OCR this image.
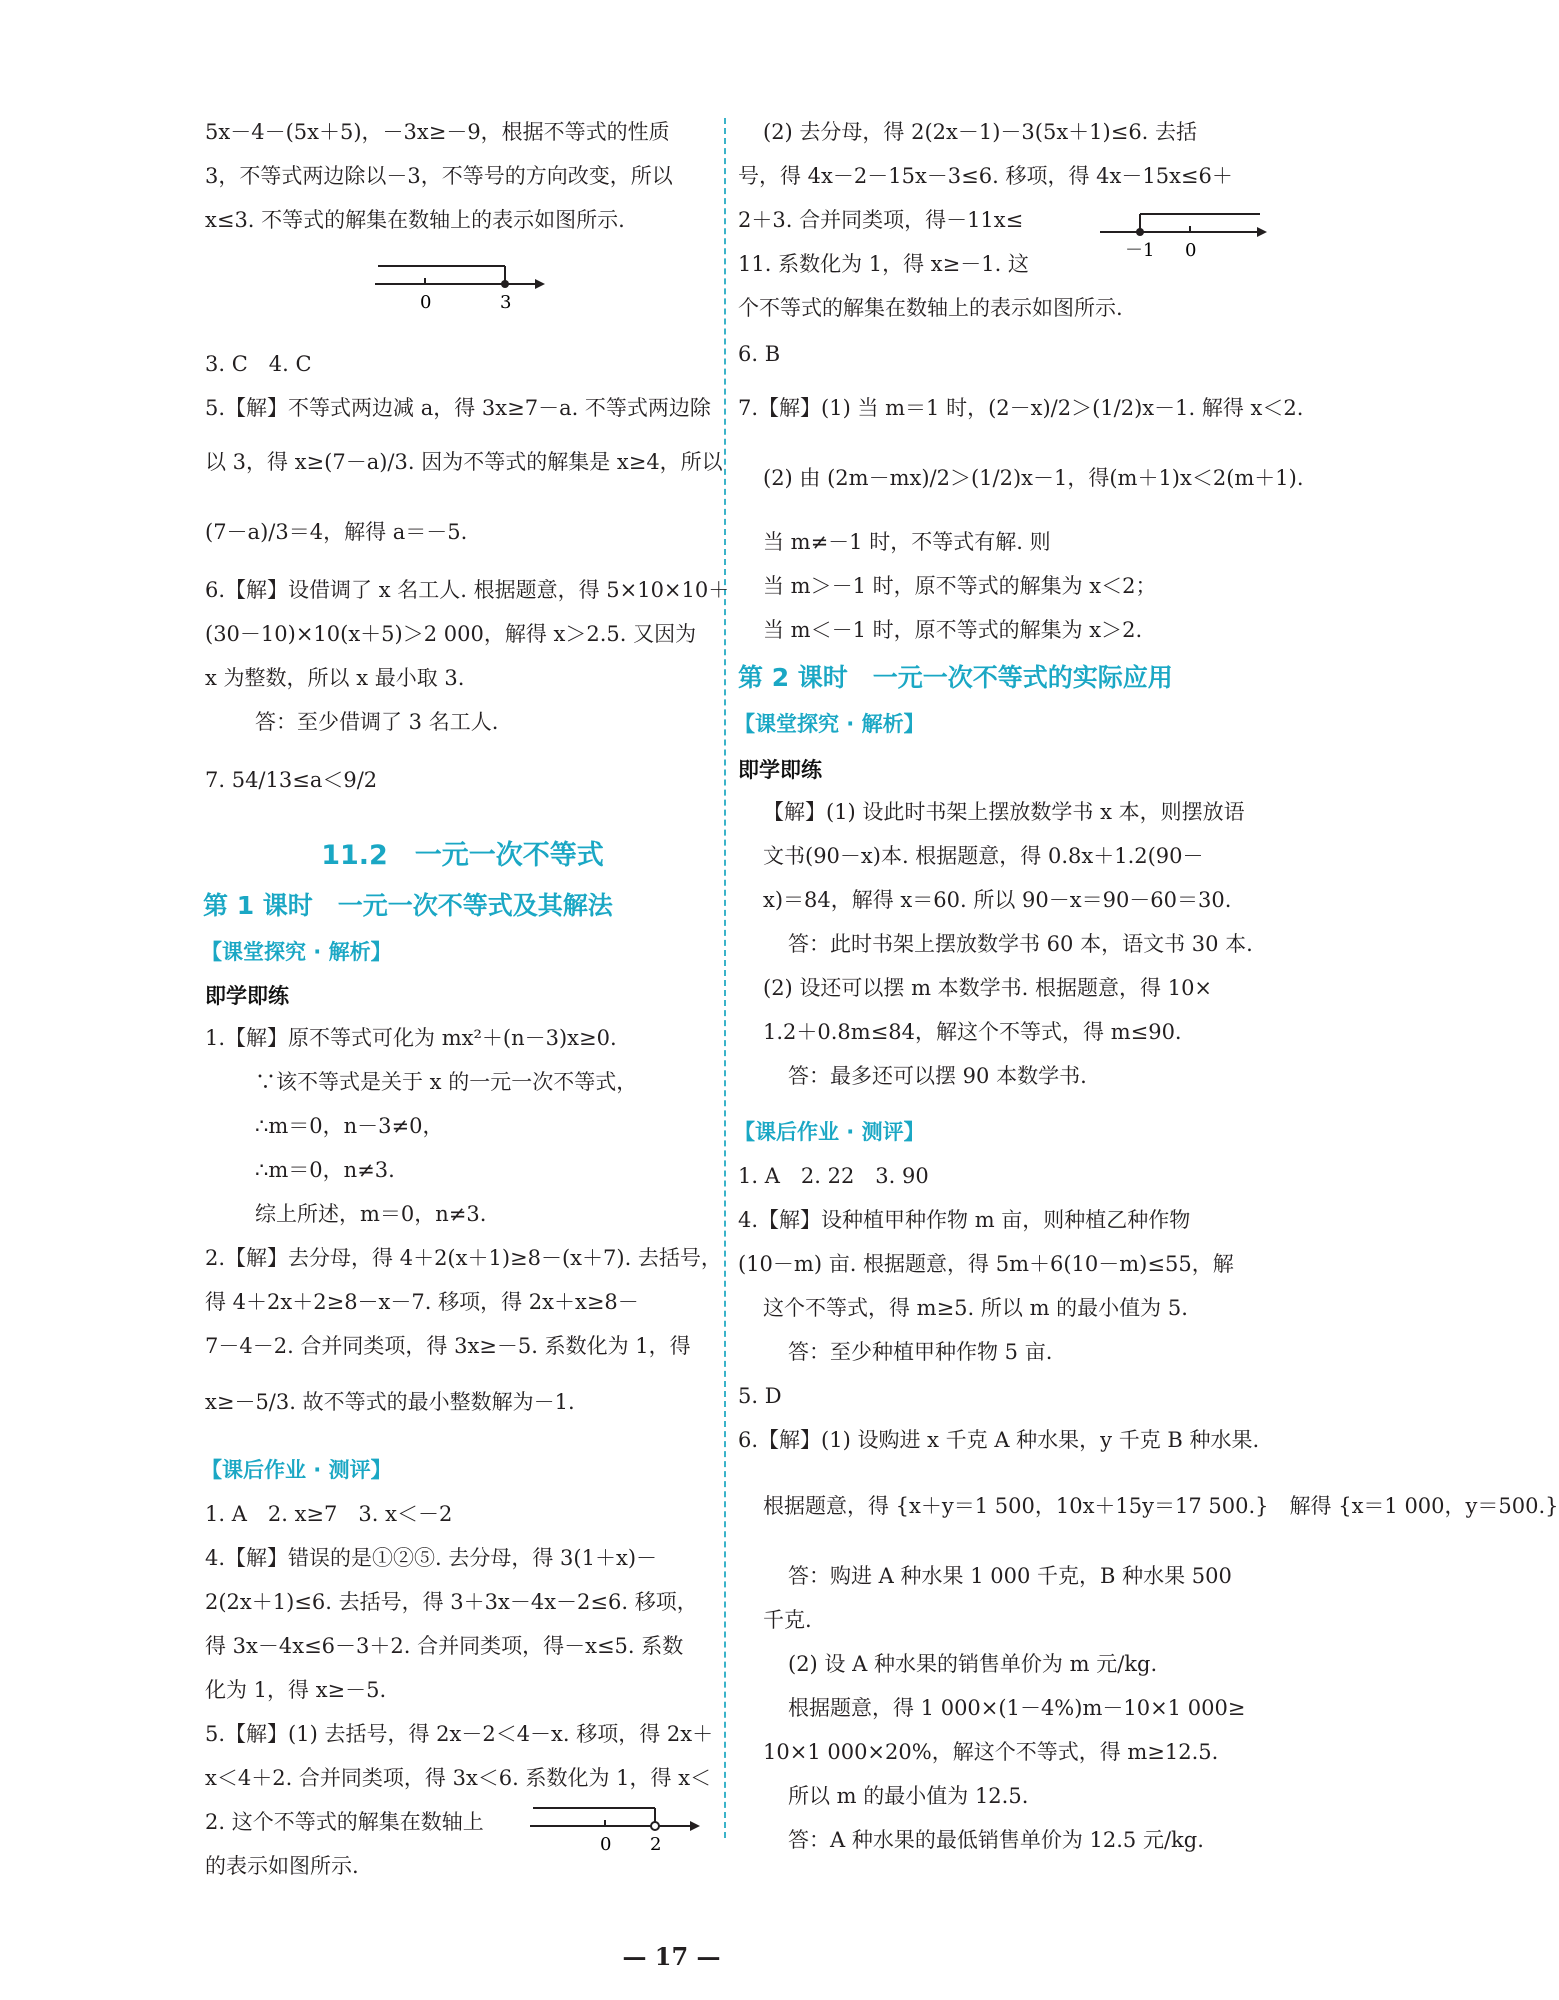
5x－4－(5x＋5)，－3x≥－9，根据不等式的性质
3，不等式两边除以－3，不等号的方向改变，所以
x≤3. 不等式的解集在数轴上的表示如图所示.
0	3
3. C　4. C
5.【解】不等式两边减 a，得 3x≥7－a. 不等式两边除
以 3，得 x≥(7－a)/3. 因为不等式的解集是 x≥4，所以
(7－a)/3＝4，解得 a＝－5.
6.【解】设借调了 x 名工人. 根据题意，得 5×10×10＋
(30－10)×10(x＋5)＞2 000，解得 x＞2.5. 又因为
x 为整数，所以 x 最小取 3.
答：至少借调了 3 名工人.
7. 54/13≤a＜9/2
11.2　一元一次不等式
第 1 课时　一元一次不等式及其解法
【课堂探究 · 解析】
即学即练
1.【解】原不等式可化为 mx²＋(n－3)x≥0.
∵该不等式是关于 x 的一元一次不等式，
∴m＝0，n－3≠0，
∴m＝0，n≠3.
综上所述，m＝0，n≠3.
2.【解】去分母，得 4＋2(x＋1)≥8－(x＋7). 去括号，
得 4＋2x＋2≥8－x－7. 移项，得 2x＋x≥8－
7－4－2. 合并同类项，得 3x≥－5. 系数化为 1，得
x≥－5/3. 故不等式的最小整数解为－1.
【课后作业 · 测评】
1. A　2. x≥7　3. x＜－2
4.【解】错误的是①②⑤. 去分母，得 3(1＋x)－
2(2x＋1)≤6. 去括号，得 3＋3x－4x－2≤6. 移项，
得 3x－4x≤6－3＋2. 合并同类项，得－x≤5. 系数
化为 1，得 x≥－5.
5.【解】(1) 去括号，得 2x－2＜4－x. 移项，得 2x＋
x＜4＋2. 合并同类项，得 3x＜6. 系数化为 1，得 x＜
2. 这个不等式的解集在数轴上
的表示如图所示.
0 2
(2) 去分母，得 2(2x－1)－3(5x＋1)≤6. 去括
号，得 4x－2－15x－3≤6. 移项，得 4x－15x≤6＋
2＋3. 合并同类项，得－11x≤
11. 系数化为 1，得 x≥－1. 这
个不等式的解集在数轴上的表示如图所示.
－1 0
6. B
7.【解】(1) 当 m＝1 时，(2－x)/2＞(1/2)x－1. 解得 x＜2.
(2) 由 (2m－mx)/2＞(1/2)x－1，得(m＋1)x＜2(m＋1).
当 m≠－1 时，不等式有解. 则
当 m＞－1 时，原不等式的解集为 x＜2；
当 m＜－1 时，原不等式的解集为 x＞2.
第 2 课时　一元一次不等式的实际应用
【课堂探究 · 解析】
即学即练
【解】(1) 设此时书架上摆放数学书 x 本，则摆放语
文书(90－x)本. 根据题意，得 0.8x＋1.2(90－
x)＝84，解得 x＝60. 所以 90－x＝90－60＝30.
答：此时书架上摆放数学书 60 本，语文书 30 本.
(2) 设还可以摆 m 本数学书. 根据题意，得 10×
1.2＋0.8m≤84，解这个不等式，得 m≤90.
答：最多还可以摆 90 本数学书.
【课后作业 · 测评】
1. A　2. 22　3. 90
4.【解】设种植甲种作物 m 亩，则种植乙种作物
(10－m) 亩. 根据题意，得 5m＋6(10－m)≤55，解
这个不等式，得 m≥5. 所以 m 的最小值为 5.
答：至少种植甲种作物 5 亩.
5. D
6.【解】(1) 设购进 x 千克 A 种水果，y 千克 B 种水果.
根据题意，得 {x＋y＝1 500，10x＋15y＝17 500.}　解得 {x＝1 000，y＝500.}
答：购进 A 种水果 1 000 千克，B 种水果 500
千克.
(2) 设 A 种水果的销售单价为 m 元/kg.
根据题意，得 1 000×(1－4%)m－10×1 000≥
10×1 000×20%，解这个不等式，得 m≥12.5.
所以 m 的最小值为 12.5.
答：A 种水果的最低销售单价为 12.5 元/kg.
— 17 —
